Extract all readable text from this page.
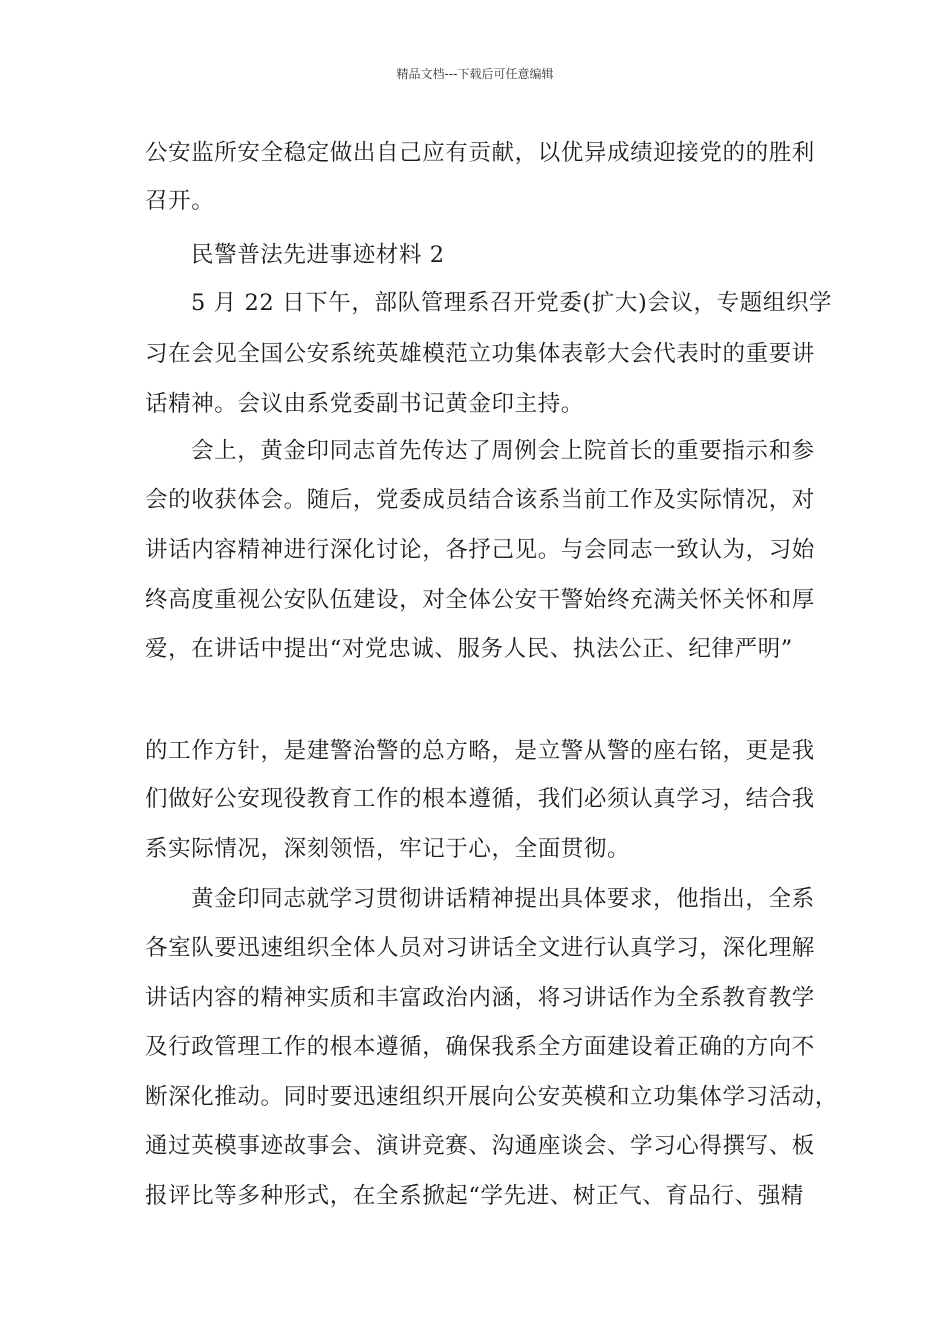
精品文档---下载后可任意编辑
公安监所安全稳定做出自己应有贡献，以优异成绩迎接党的的胜利
召开。
民警普法先进事迹材料 2
5 月 22 日下午，部队管理系召开党委(扩大)会议，专题组织学
习在会见全国公安系统英雄模范立功集体表彰大会代表时的重要讲
话精神。会议由系党委副书记黄金印主持。
会上，黄金印同志首先传达了周例会上院首长的重要指示和参
会的收获体会。随后，党委成员结合该系当前工作及实际情况，对
讲话内容精神进行深化讨论，各抒己见。与会同志一致认为，习始
终高度重视公安队伍建设，对全体公安干警始终充满关怀关怀和厚
爱，在讲话中提出“对党忠诚、服务人民、执法公正、纪律严明”
的工作方针，是建警治警的总方略，是立警从警的座右铭，更是我
们做好公安现役教育工作的根本遵循，我们必须认真学习，结合我
系实际情况，深刻领悟，牢记于心，全面贯彻。
黄金印同志就学习贯彻讲话精神提出具体要求，他指出，全系
各室队要迅速组织全体人员对习讲话全文进行认真学习，深化理解
讲话内容的精神实质和丰富政治内涵，将习讲话作为全系教育教学
及行政管理工作的根本遵循，确保我系全方面建设着正确的方向不
断深化推动。同时要迅速组织开展向公安英模和立功集体学习活动，
通过英模事迹故事会、演讲竞赛、沟通座谈会、学习心得撰写、板
报评比等多种形式，在全系掀起“学先进、树正气、育品行、强精
